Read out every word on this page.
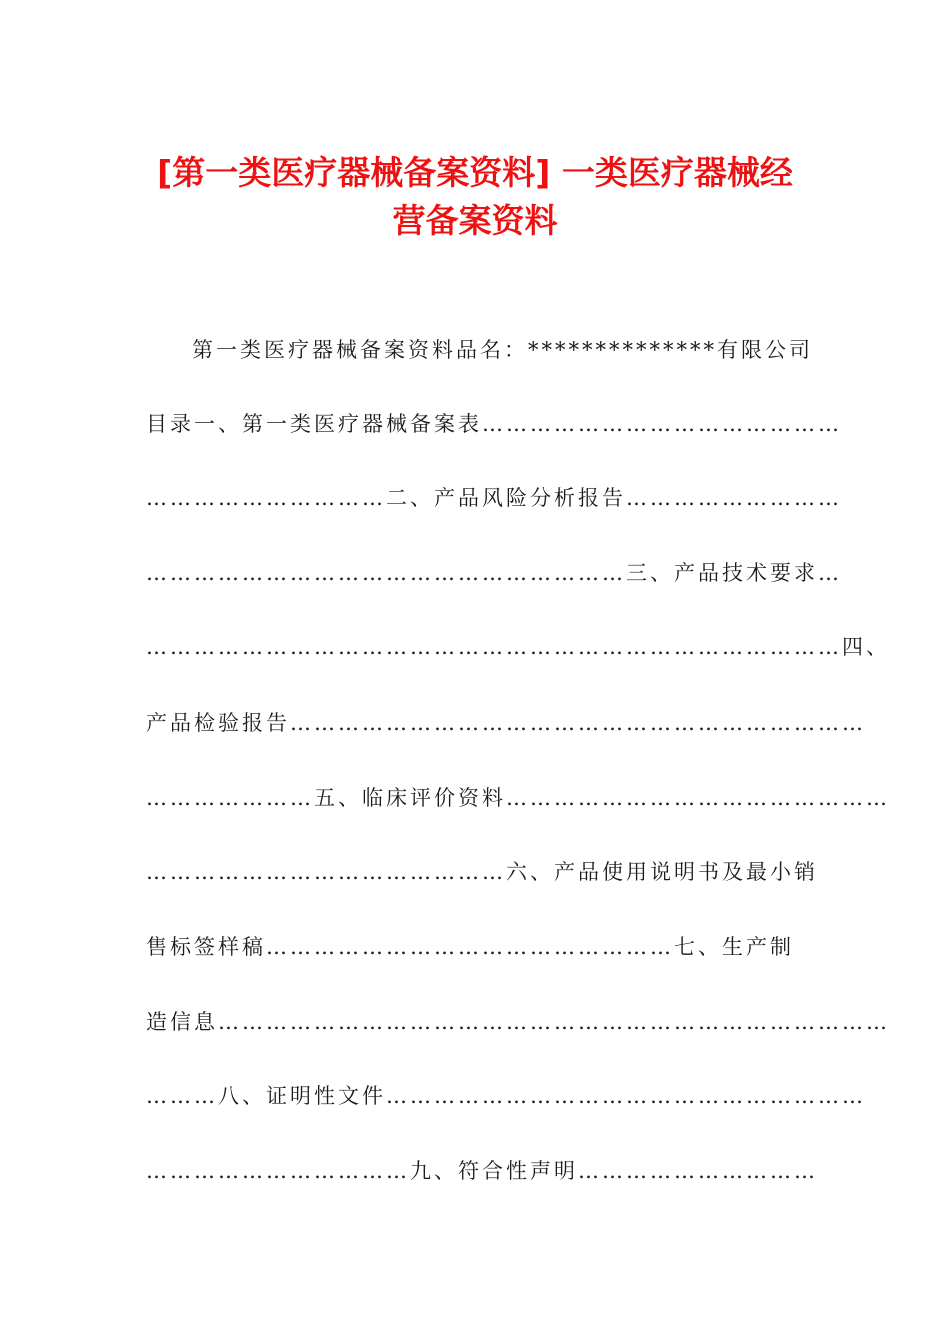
[第一类医疗器械备案资料] 一类医疗器械经
营备案资料
第一类医疗器械备案资料品名：**************有限公司
目录一、第一类医疗器械备案表………………………………………
…………………………二、产品风险分析报告………………………
……………………………………………………三、产品技术要求…
……………………………………………………………………………四、
产品检验报告………………………………………………………………
…………………五、临床评价资料…………………………………………
………………………………………六、产品使用说明书及最小销
售标签样稿……………………………………………七、生产制
造信息…………………………………………………………………………
………八、证明性文件……………………………………………………
……………………………九、符合性声明…………………………
